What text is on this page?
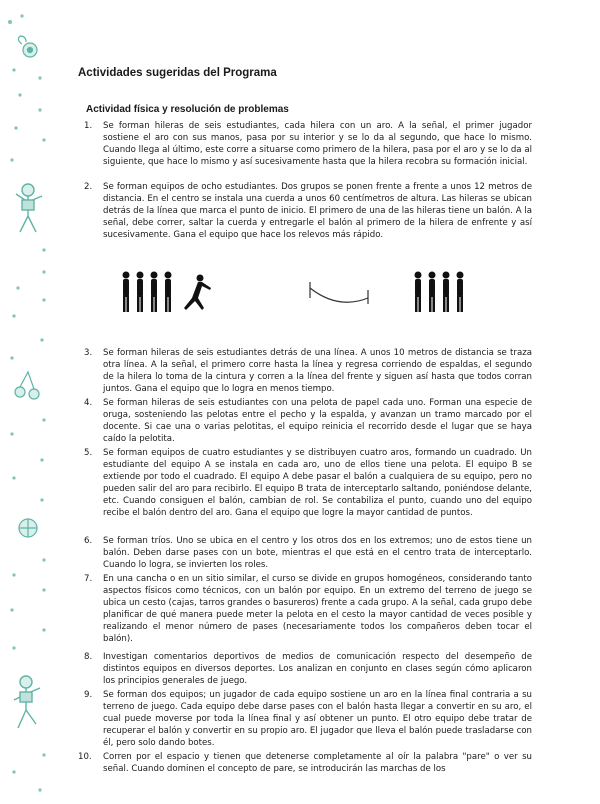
Actividades sugeridas del Programa
Actividad física y resolución de problemas
1. Se forman hileras de seis estudiantes, cada hilera con un aro. A la señal, el primer jugador sostiene el aro con sus manos, pasa por su interior y se lo da al segundo, que hace lo mismo. Cuando llega al último, este corre a situarse como primero de la hilera, pasa por el aro y se lo da al siguiente, que hace lo mismo y así sucesivamente hasta que la hilera recobra su formación inicial.
2. Se forman equipos de ocho estudiantes. Dos grupos se ponen frente a frente a unos 12 metros de distancia. En el centro se instala una cuerda a unos 60 centímetros de altura. Las hileras se ubican detrás de la línea que marca el punto de inicio. El primero de una de las hileras tiene un balón. A la señal, debe correr, saltar la cuerda y entregarle el balón al primero de la hilera de enfrente y así sucesivamente. Gana el equipo que hace los relevos más rápido.
3. Se forman hileras de seis estudiantes detrás de una línea. A unos 10 metros de distancia se traza otra línea. A la señal, el primero corre hasta la línea y regresa corriendo de espaldas, el segundo de la hilera lo toma de la cintura y corren a la línea del frente y siguen así hasta que todos corran juntos. Gana el equipo que lo logra en menos tiempo.
4. Se forman hileras de seis estudiantes con una pelota de papel cada uno. Forman una especie de oruga, sosteniendo las pelotas entre el pecho y la espalda, y avanzan un tramo marcado por el docente. Si cae una o varias pelotitas, el equipo reinicia el recorrido desde el lugar que se haya caído la pelotita.
5. Se forman equipos de cuatro estudiantes y se distribuyen cuatro aros, formando un cuadrado. Un estudiante del equipo A se instala en cada aro, uno de ellos tiene una pelota. El equipo B se extiende por todo el cuadrado. El equipo A debe pasar el balón a cualquiera de su equipo, pero no pueden salir del aro para recibirlo. El equipo B trata de interceptarlo saltando, poniéndose delante, etc. Cuando consiguen el balón, cambian de rol. Se contabiliza el punto, cuando uno del equipo recibe el balón dentro del aro. Gana el equipo que logre la mayor cantidad de puntos.
6. Se forman tríos. Uno se ubica en el centro y los otros dos en los extremos; uno de estos tiene un balón. Deben darse pases con un bote, mientras el que está en el centro trata de interceptarlo. Cuando lo logra, se invierten los roles.
7. En una cancha o en un sitio similar, el curso se divide en grupos homogéneos, considerando tanto aspectos físicos como técnicos, con un balón por equipo. En un extremo del terreno de juego se ubica un cesto (cajas, tarros grandes o basureros) frente a cada grupo. A la señal, cada grupo debe planificar de qué manera puede meter la pelota en el cesto la mayor cantidad de veces posible y realizando el menor número de pases (necesariamente todos los compañeros deben tocar el balón).
8. Investigan comentarios deportivos de medios de comunicación respecto del desempeño de distintos equipos en diversos deportes. Los analizan en conjunto en clases según cómo aplicaron los principios generales de juego.
9. Se forman dos equipos; un jugador de cada equipo sostiene un aro en la línea final contraria a su terreno de juego. Cada equipo debe darse pases con el balón hasta llegar a convertir en su aro, el cual puede moverse por toda la línea final y así obtener un punto. El otro equipo debe tratar de recuperar el balón y convertir en su propio aro. El jugador que lleva el balón puede trasladarse con él, pero solo dando botes.
10. Corren por el espacio y tienen que detenerse completamente al oír la palabra "pare" o ver su señal. Cuando dominen el concepto de pare, se introducirán las marchas de los
